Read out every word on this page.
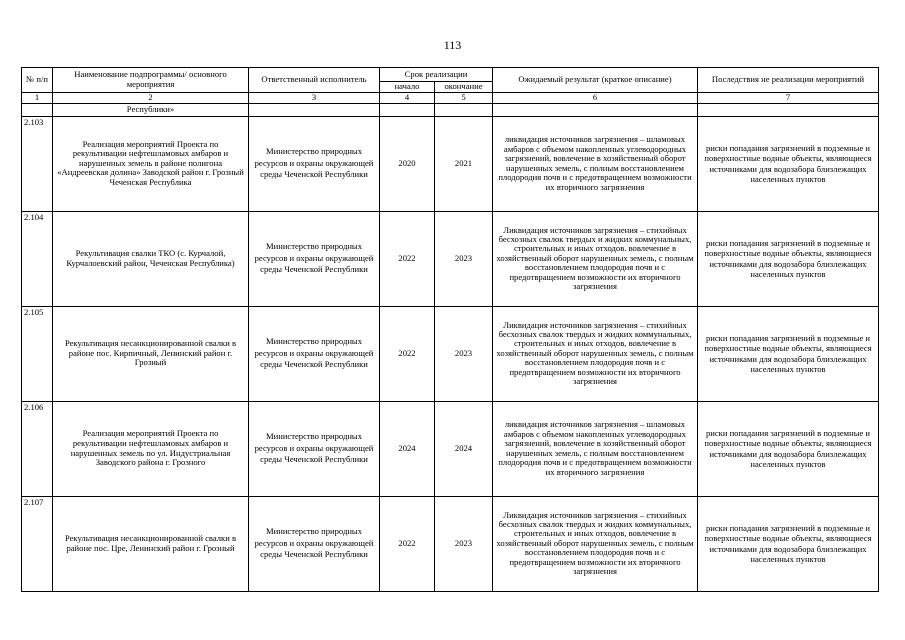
113
№ п/п	Наименование подпрограммы/ основного мероприятия	Ответственный исполнитель	Срок реализации		Ожидаемый результат (краткое описание)	Последствия не реализации мероприятий
			начало	окончание		
1	2	3	4	5	6	7
	Республики»					
2.103	Реализация мероприятий Проекта по рекультивации нефтешламовых амбаров и нарушенных земель в районе полигона «Андреевская долина» Заводской район г. Грозный Чеченская Республика	Министерство природных ресурсов и охраны окружающей среды Чеченской Республики	2020	2021	ликвидация источников загрязнения – шламовых амбаров с объемом накопленных углеводородных загрязнений, вовлечение в хозяйственный оборот нарушенных земель, с полным восстановлением плодородия почв и с предотвращением возможности их вторичного загрязнения	риски попадания загрязнений в подземные и поверхностные водные объекты, являющиеся источниками для водозабора близлежащих населенных пунктов
2.104	Рекультивация свалки ТКО (с. Курчалой, Курчалоевский район, Чеченская Республика)	Министерство природных ресурсов и охраны окружающей среды Чеченской Республики	2022	2023	Ликвидация источников загрязнения – стихийных бесхозных свалок твердых и жидких коммунальных, строительных и иных отходов. вовлечение в хозяйственный оборот нарушенных земель, с полным восстановлением плодородия почв и с предотвращением возможности их вторичного загрязнения	риски попадания загрязнений в подземные и поверхностные водные объекты, являющиеся источниками для водозабора близлежащих населенных пунктов
2.105	Рекультивация несанкционированной свалки в районе пос. Кирпичный, Ленинский район г. Грозный	Министерство природных ресурсов и охраны окружающей среды Чеченской Республики	2022	2023	Ликвидация источников загрязнения – стихийных бесхозных свалок твердых и жидких коммунальных, строительных и иных отходов, вовлечение в хозяйственный оборот нарушенных земель, с полным восстановлением плодородия почв и с предотвращением возможности их вторичного загрязнения	риски попадания загрязнений в подземные и поверхностные водные объекты, являющиеся источниками для водозабора близлежащих населенных пунктов
2.106	Реализация мероприятий Проекта по рекультивации нефтешламовых амбаров и нарушенных земель по ул. Индустриальная Заводского района г. Грозного	Министерство природных ресурсов и охраны окружающей среды Чеченской Республики	2024	2024	ликвидация источников загрязнения – шламовых амбаров с объемом накопленных углеводородных загрязнений, вовлечение в хозяйственный оборот нарушенных земель, с полным восстановлением плодородия почв и с предотвращением возможности их вторичного загрязнения	риски попадания загрязнений в подземные и поверхностные водные объекты, являющиеся источниками для водозабора близлежащих населенных пунктов
2.107	Рекультивация несанкционированной свалки в районе пос. Цре, Ленинский район г. Грозный	Министерство природных ресурсов и охраны окружающей среды Чеченской Республики	2022	2023	Ликвидация источников загрязнения – стихийных бесхозных свалок твердых и жидких коммунальных, строительных и иных отходов, вовлечение в хозяйственный оборот нарушенных земель, с полным восстановлением плодородия почв и с предотвращением возможности их вторичного загрязнения	риски попадания загрязнений в подземные и поверхностные водные объекты, являющиеся источниками для водозабора близлежащих населенных пунктов
